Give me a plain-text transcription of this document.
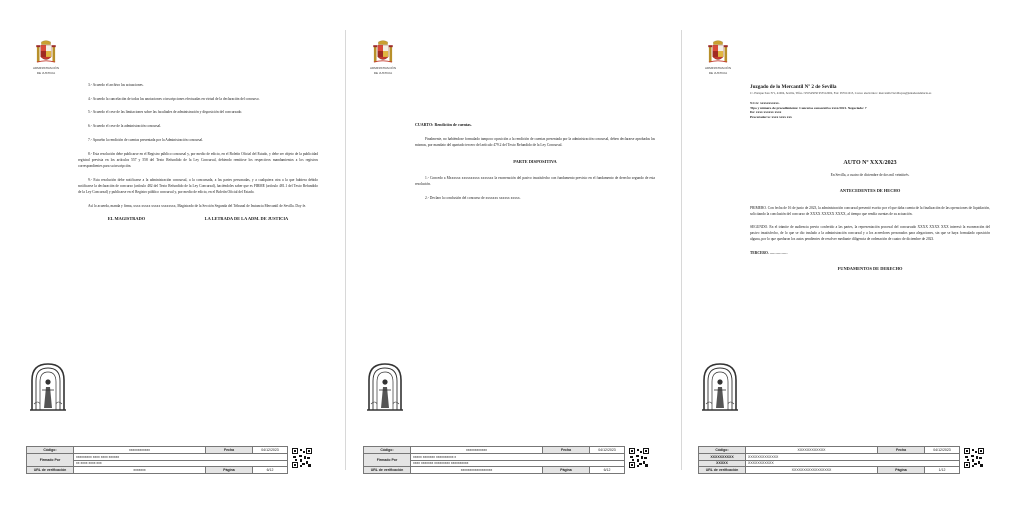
ADMINISTRACIÓN
DE JUSTICIA

3.- Acuerdo el archivo las actuaciones.

4.- Acuerdo la cancelación de todas las anotaciones o inscripciones efectuadas en virtud de la declaración del concurso.

5.- Acuerdo el cese de las limitaciones sobre las facultades de administración y disposición del concursado.

6.- Acuerdo el cese de la administración concursal.

7.- Apruebo la rendición de cuentas presentada por la Administración concursal.

8.- Esta resolución debe publicarse en el Registro público concursal y, por medio de edicto, en el Boletín Oficial del Estado, y debe ser objeto de la publicidad registral prevista en los artículos 557 y 558 del Texto Refundido de la Ley Concursal, debiendo remitirse los respectivos mandamientos a los registros correspondientes para su inscripción.

9.- Esta resolución debe notificarse a la administración concursal, a la concursada, a las partes personadas, y a cualquiera otra a la que hubiera debido notificarse la declaración de concurso (artículo 482 del Texto Refundido de la Ley Concursal), haciéndoles saber que es FIRME (artículo 481.1 del Texto Refundido de la Ley Concursal) y publicarse en el Registro público concursal y, por medio de edicto, en el Boletín Oficial del Estado.

Así lo acuerda, manda y firma, xxxx xxxxx xxxxx xxxxxxxx, Magistrado de la Sección Segunda del Tribunal de Instancia Mercantil de Sevilla. Doy fe.

EL MAGISTRADO	LA LETRADA DE LA ADM. DE JUSTICIA
Código:	xxxxxxxxxxxx	Fecha	04/12/2023
Firmado Por	xxxxxxxxx xxxx xxxx xxxxxx		
	xx xxxx xxxx xxx		
URL de verificación	xxxxxxx	Página	6/12
ADMINISTRACIÓN
DE JUSTICIA
CUARTO: Rendición de cuentas.

Finalmente, no habiéndose formulado tampoco oposición a la rendición de cuentas presentada por la administración concursal, deben declararse aprobadas las mismas, por mandato del apartado tercero del artículo 479.2 del Texto Refundido de la Ley Concursal.

PARTE DISPOSITIVA

1.- Concedo a Mxxxxxx xxxxxxxxxx xxxxxxx la exoneración del pasivo insatisfecho con fundamento previsto en el fundamento de derecho segundo de esta resolución.

2.- Declaro la conclusión del concurso de xxxxxxx xxxxxx xxxxx.

Código:	xxxxxxxxxxxx	Fecha	04/12/2023
Firmado Por	xxxxx xxxxxxx xxxxxxxxxx x		
	xxxx xxxxxxx xxxxxxxxx xxxxxxxxxx		
URL de verificación	xxxxxxxxxxxxxxxxxx	Página	6/12
ADMINISTRACIÓN
DE JUSTICIA
Juzgado de lo Mercantil Nº 2 de Sevilla
C/. Enrique Sato Nº1, 41004, Sevilla, Tlfno.: 955545050 955512002, Fax: 955511015, Correo electrónico: mercantil2.Sevilla.jus@juntadeandalucia.es
N.I.G: xxxxxxxxxxx.
Tipo y número de procedimiento: Concurso consecutivo xxxx/2021. Negociado: 7
De: xxxx xxxxxx xxxx
Procurador/a: xxxx xxxx xxx
AUTO Nº XXX/2023

En Sevilla, a cuatro de diciembre de dos mil veintitrés.

ANTECEDENTES DE HECHO

PRIMERO. Con fecha de 16 de junio de 2023, la administración concursal presentó escrito por el que daba cuenta de la finalización de las operaciones de liquidación, solicitando la conclusión del concurso de XXXX XXXXX XXXX, al tiempo que rendía cuentas de su actuación.

SEGUNDO. En el trámite de audiencia previo conferido a las partes, la representación procesal del concursado XXXX XXXX XXX interesó la exoneración del pasivo insatisfecho, de lo que se dio traslado a la administración concursal y a los acreedores personados para alegaciones, sin que se haya formulado oposición alguna, por lo que quedaron los autos pendientes de resolver mediante diligencia de ordenación de cuatro de diciembre de 2023.

TERCERO. ……………

FUNDAMENTOS DE DERECHO
Código:	XXXXXXXXXXXX	Fecha	04/12/2023
XXXXXXXXXX	XXXXXXXXXXXXX		
XXXXX	XXXXXXXXXXX		
URL de verificación	XXXXXXXXXXXXXXXXX	Página	1/12
